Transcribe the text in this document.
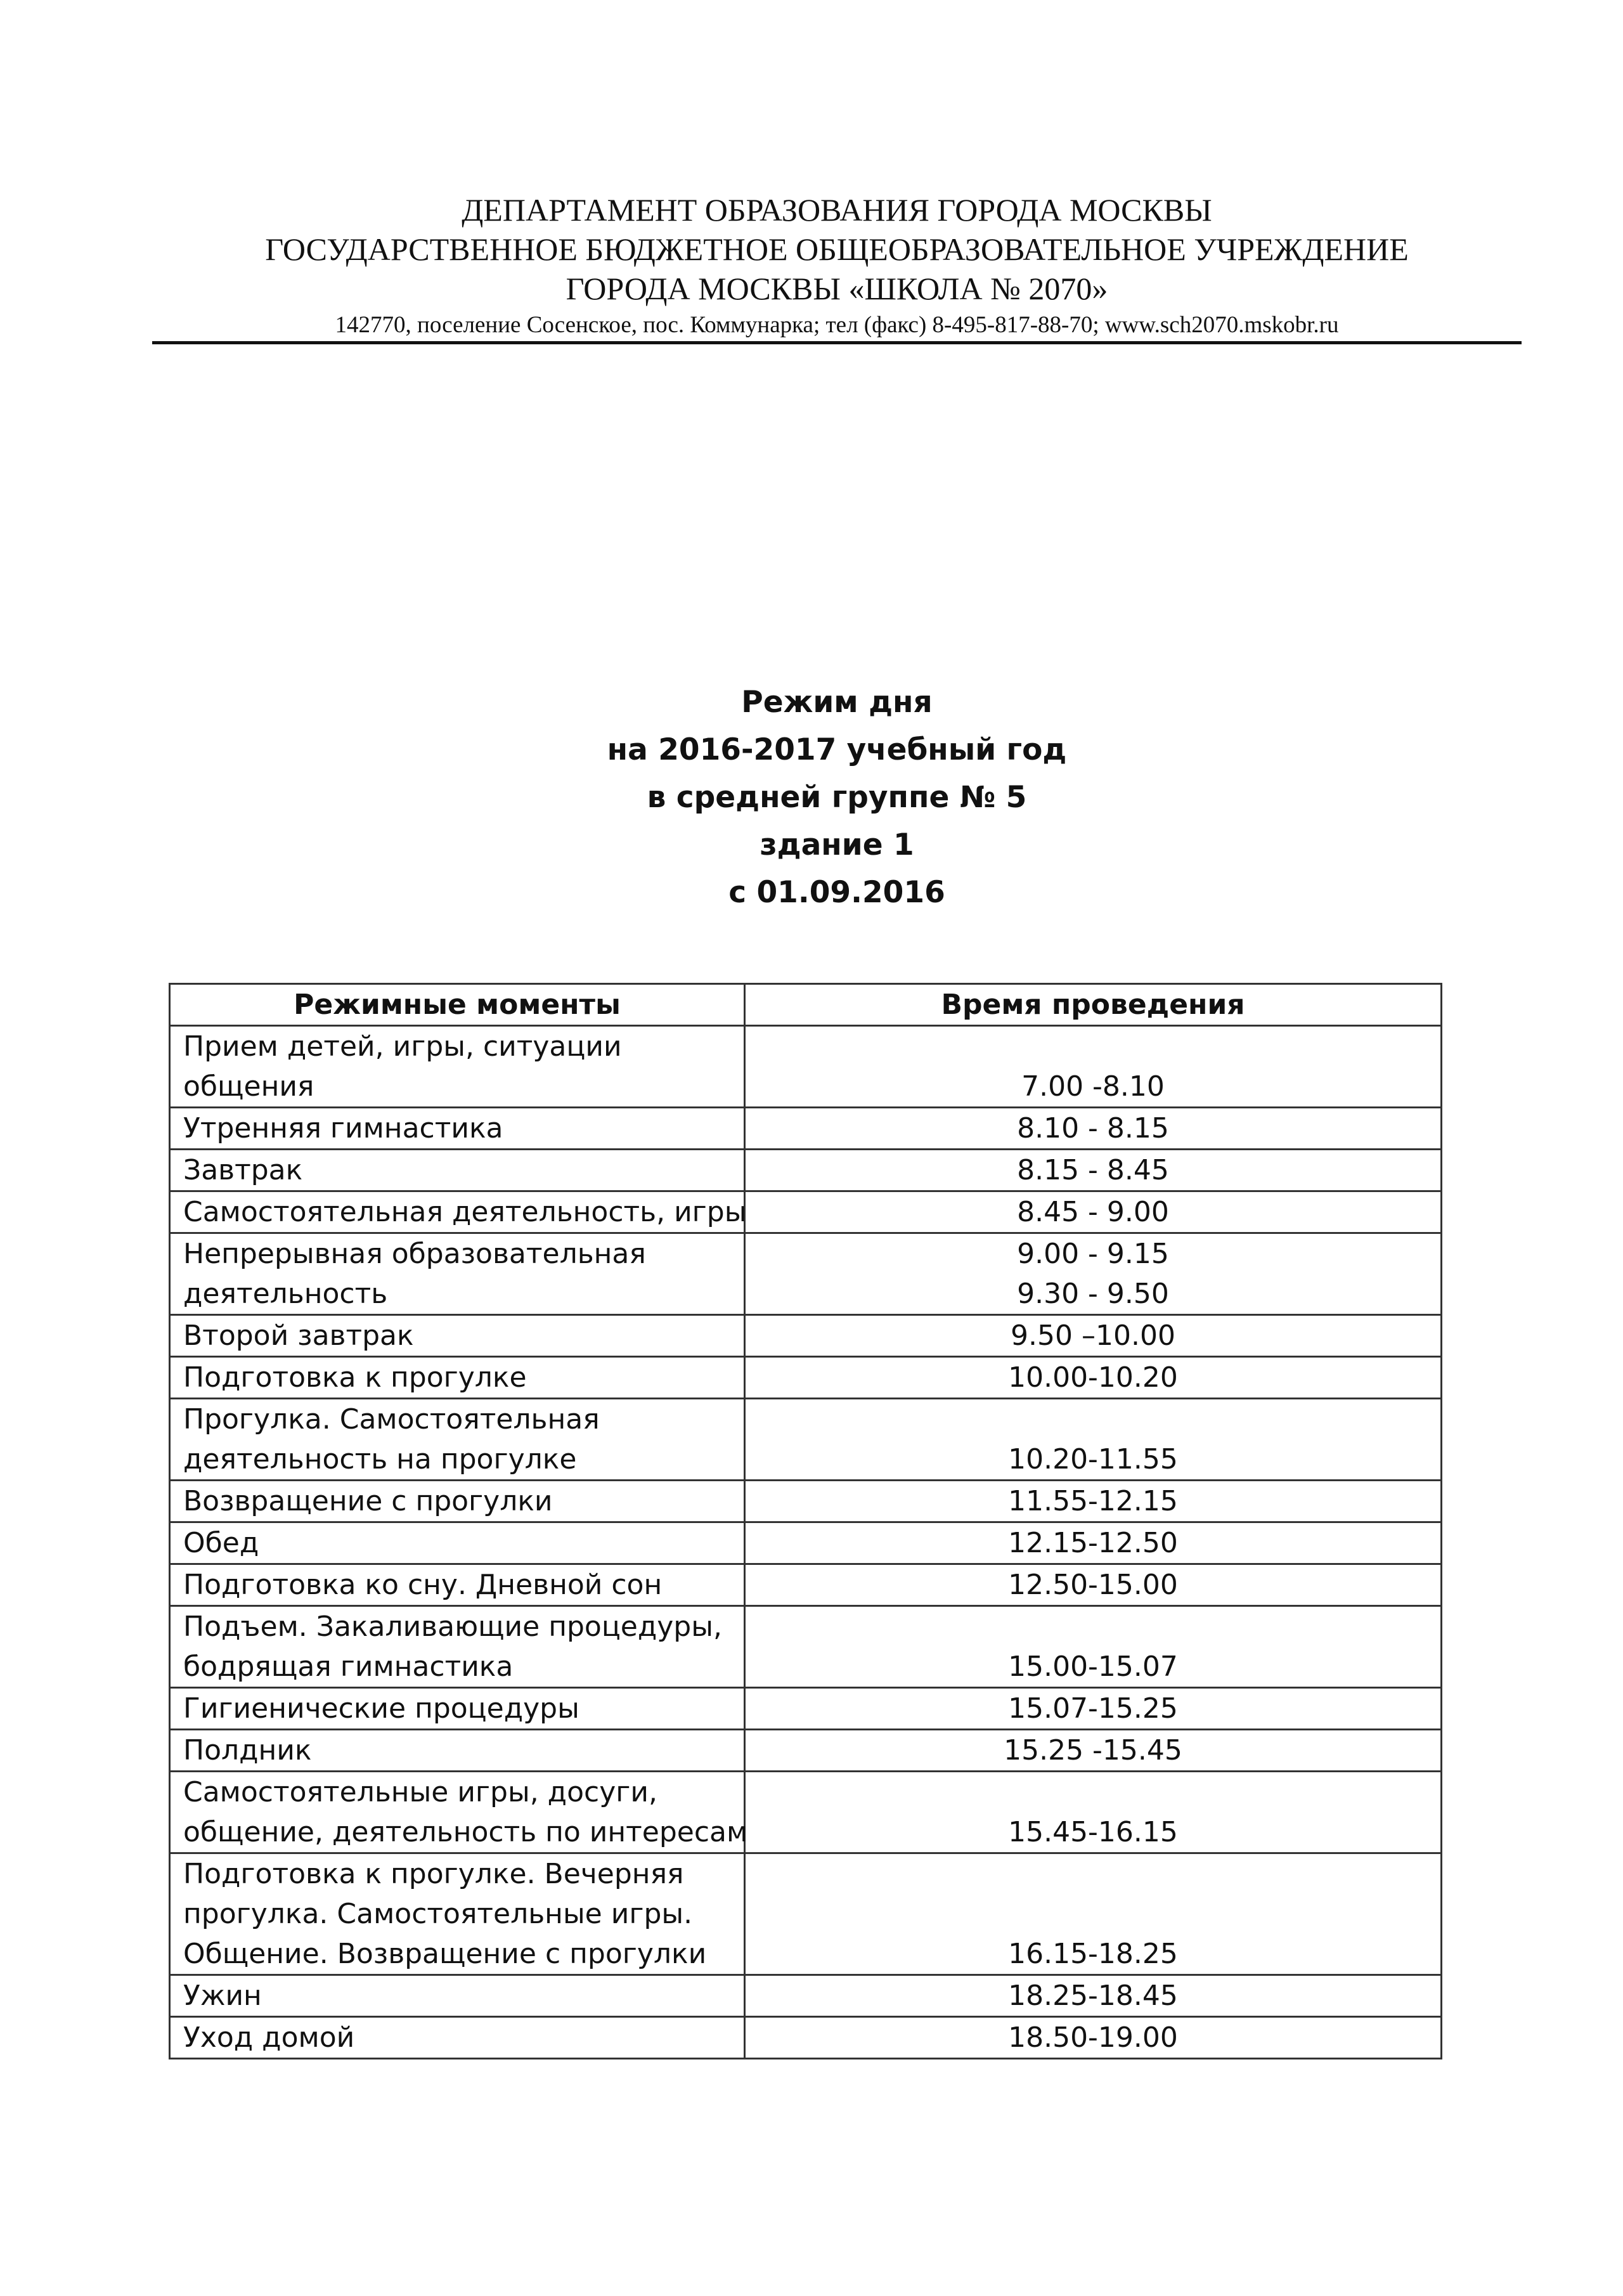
ДЕПАРТАМЕНТ ОБРАЗОВАНИЯ ГОРОДА МОСКВЫ
ГОСУДАРСТВЕННОЕ БЮДЖЕТНОЕ ОБЩЕОБРАЗОВАТЕЛЬНОЕ УЧРЕЖДЕНИЕ
ГОРОДА МОСКВЫ «ШКОЛА № 2070»
142770, поселение Сосенское, пос. Коммунарка; тел (факс) 8-495-817-88-70; www.sch2070.mskobr.ru
Режим дня
на 2016-2017 учебный год
в средней группе № 5
здание 1
с 01.09.2016
Режимные моменты	Время проведения

Прием детей, игры, ситуации
общения	7.00 -8.10

Утренняя гимнастика	8.10 - 8.15

Завтрак	8.15 - 8.45

Самостоятельная деятельность, игры	8.45 - 9.00

Непрерывная образовательная
деятельность	9.00 - 9.15
9.30 - 9.50

Второй завтрак	9.50 –10.00

Подготовка к прогулке	10.00-10.20

Прогулка. Самостоятельная
деятельность на прогулке	10.20-11.55

Возвращение с прогулки	11.55-12.15

Обед	12.15-12.50

Подготовка ко сну. Дневной сон	12.50-15.00

Подъем. Закаливающие процедуры,
бодрящая гимнастика	15.00-15.07

Гигиенические процедуры	15.07-15.25

Полдник	15.25 -15.45

Самостоятельные игры, досуги,
общение, деятельность по интересам	15.45-16.15

Подготовка к прогулке. Вечерняя
прогулка. Самостоятельные игры.
Общение. Возвращение с прогулки	16.15-18.25

Ужин	18.25-18.45

Уход домой	18.50-19.00
